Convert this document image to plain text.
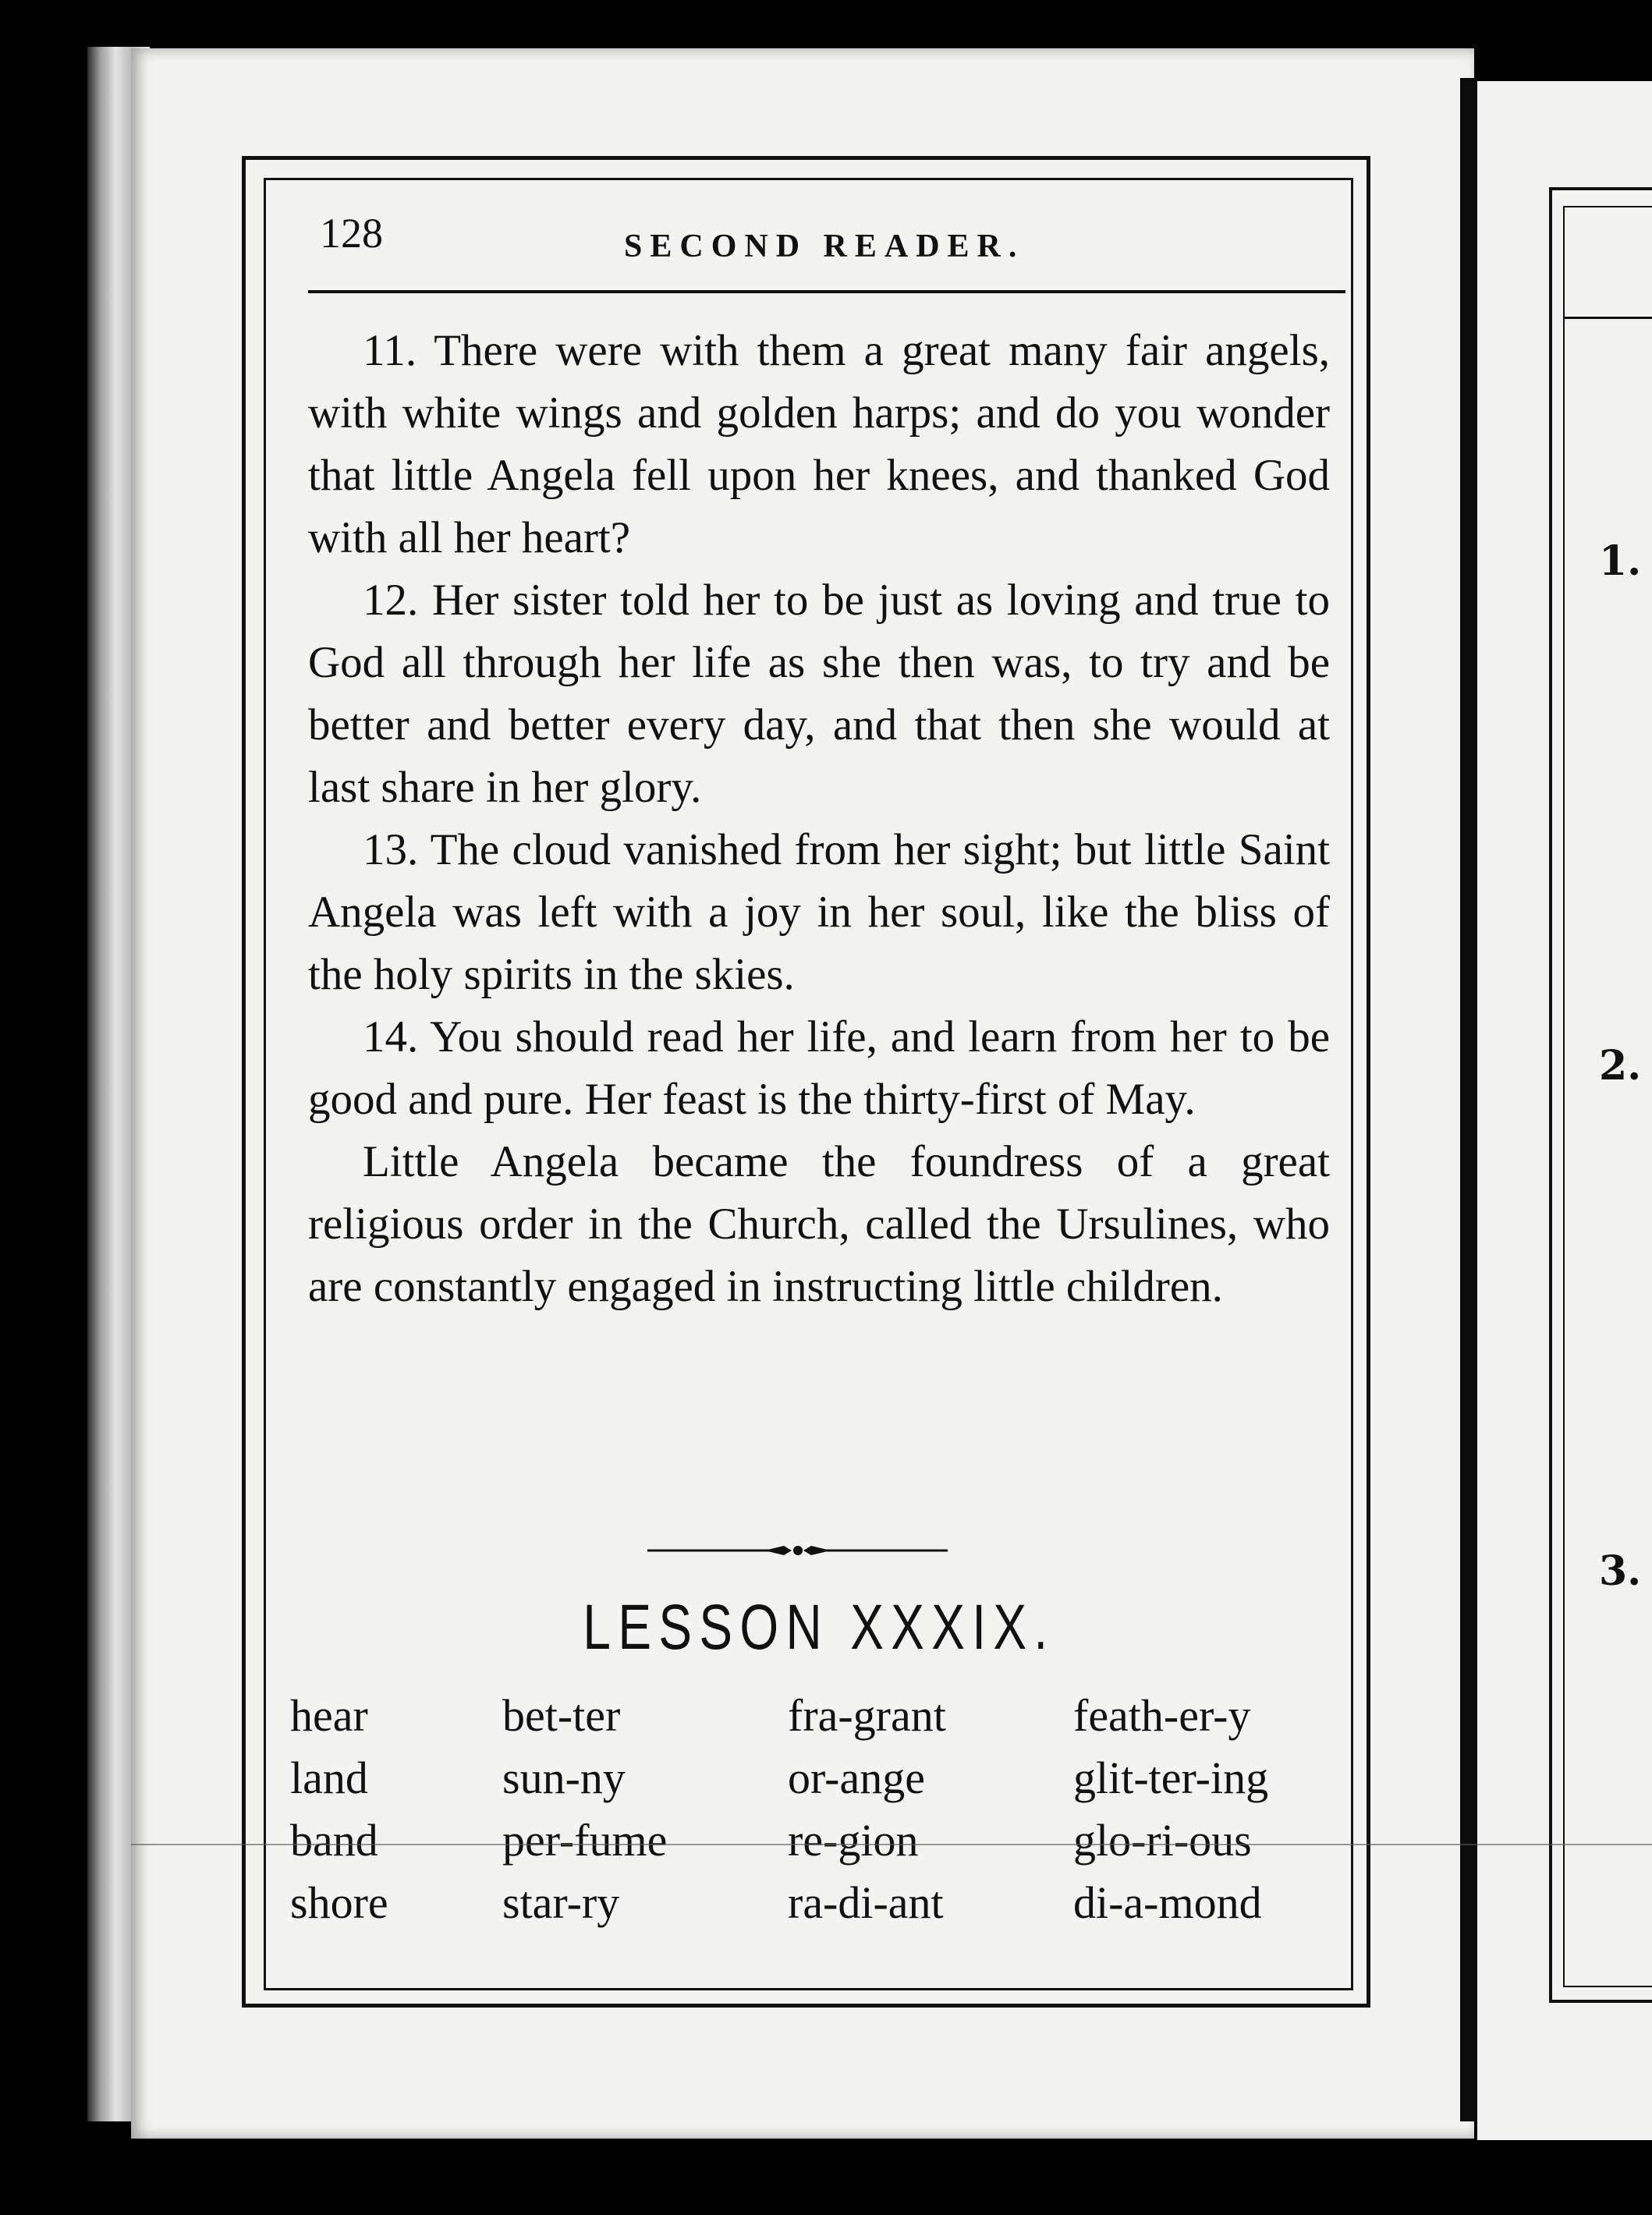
1.
2.
3.
128	SECOND READER.

11. There were with them a great many fair angels, with white wings and golden harps; and do you wonder that little Angela fell upon her knees, and thanked God with all her heart?

12. Her sister told her to be just as loving and true to God all through her life as she then was, to try and be better and better every day, and that then she would at last share in her glory.

13. The cloud vanished from her sight; but little Saint Angela was left with a joy in her soul, like the bliss of the holy spirits in the skies.

14. You should read her life, and learn from her to be good and pure. Her feast is the thirty-first of May.

Little Angela became the foundress of a great religious order in the Church, called the Ursulines, who are constantly engaged in instructing little children.

LESSON XXXIX.
hear
land
band
shore
bet-ter
sun-ny
per-fume
star-ry
fra-grant
or-ange
re-gion
ra-di-ant
feath-er-y
glit-ter-ing
glo-ri-ous
di-a-mond
